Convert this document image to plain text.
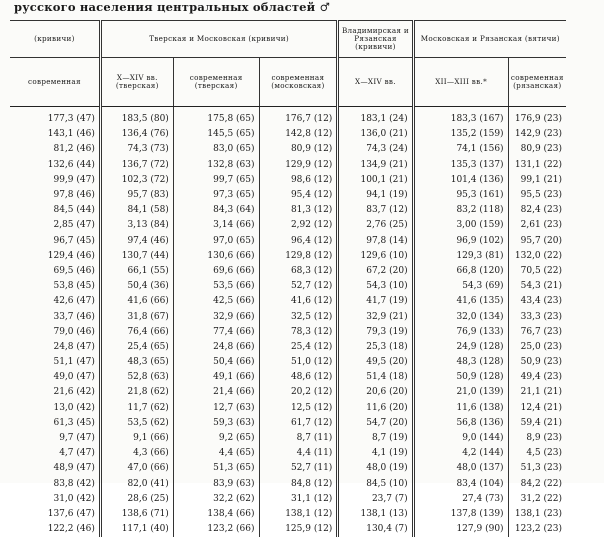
русского населения центральных областей ♂
(кривичи)	Тверская и Московская (кривичи)			Владимирская и Рязанская (кривичи)	Московская и Рязанская (вятичи)	
современная	X—XIV вв. (тверская)	современная (тверская)	современная (московская)	X—XIV вв.	XII—XIII вв.*	современная (рязанская)
177,3 (47)	183,5 (80)	175,8 (65)	176,7 (12)	183,1 (24)	183,3 (167)	176,9 (23)
143,1 (46)	136,4 (76)	145,5 (65)	142,8 (12)	136,0 (21)	135,2 (159)	142,9 (23)
81,2 (46)	74,3 (73)	83,0 (65)	80,9 (12)	74,3 (24)	74,1 (156)	80,9 (23)
132,6 (44)	136,7 (72)	132,8 (63)	129,9 (12)	134,9 (21)	135,3 (137)	131,1 (22)
99,9 (47)	102,3 (72)	99,7 (65)	98,6 (12)	100,1 (21)	101,4 (136)	99,1 (21)
97,8 (46)	95,7 (83)	97,3 (65)	95,4 (12)	94,1 (19)	95,3 (161)	95,5 (23)
84,5 (44)	84,1 (58)	84,3 (64)	81,3 (12)	83,7 (12)	83,2 (118)	82,4 (23)
2,85 (47)	3,13 (84)	3,14 (66)	2,92 (12)	2,76 (25)	3,00 (159)	2,61 (23)
96,7 (45)	97,4 (46)	97,0 (65)	96,4 (12)	97,8 (14)	96,9 (102)	95,7 (20)
129,4 (46)	130,7 (44)	130,6 (66)	129,8 (12)	129,6 (10)	129,3 (81)	132,0 (22)
69,5 (46)	66,1 (55)	69,6 (66)	68,3 (12)	67,2 (20)	66,8 (120)	70,5 (22)
53,8 (45)	50,4 (36)	53,5 (66)	52,7 (12)	54,3 (10)	54,3 (69)	54,3 (21)
42,6 (47)	41,6 (66)	42,5 (66)	41,6 (12)	41,7 (19)	41,6 (135)	43,4 (23)
33,7 (46)	31,8 (67)	32,9 (66)	32,5 (12)	32,9 (21)	32,0 (134)	33,3 (23)
79,0 (46)	76,4 (66)	77,4 (66)	78,3 (12)	79,3 (19)	76,9 (133)	76,7 (23)
24,8 (47)	25,4 (65)	24,8 (66)	25,4 (12)	25,3 (18)	24,9 (128)	25,0 (23)
51,1 (47)	48,3 (65)	50,4 (66)	51,0 (12)	49,5 (20)	48,3 (128)	50,9 (23)
49,0 (47)	52,8 (63)	49,1 (66)	48,6 (12)	51,4 (18)	50,9 (128)	49,4 (23)
21,6 (42)	21,8 (62)	21,4 (66)	20,2 (12)	20,6 (20)	21,0 (139)	21,1 (21)
13,0 (42)	11,7 (62)	12,7 (63)	12,5 (12)	11,6 (20)	11,6 (138)	12,4 (21)
61,3 (45)	53,5 (62)	59,3 (63)	61,7 (12)	54,7 (20)	56,8 (136)	59,4 (21)
9,7 (47)	9,1 (66)	9,2 (65)	8,7 (11)	8,7 (19)	9,0 (144)	8,9 (23)
4,7 (47)	4,3 (66)	4,4 (65)	4,4 (11)	4,1 (19)	4,2 (144)	4,5 (23)
48,9 (47)	47,0 (66)	51,3 (65)	52,7 (11)	48,0 (19)	48,0 (137)	51,3 (23)
83,8 (42)	82,0 (41)	83,9 (63)	84,8 (12)	84,5 (10)	83,4 (104)	84,2 (22)
31,0 (42)	28,6 (25)	32,2 (62)	31,1 (12)	23,7 (7)	27,4 (73)	31,2 (22)
137,6 (47)	138,6 (71)	138,4 (66)	138,1 (12)	138,1 (13)	137,8 (139)	138,1 (23)
122,2 (46)	117,1 (40)	123,2 (66)	125,9 (12)	130,4 (7)	127,9 (90)	123,2 (23)
